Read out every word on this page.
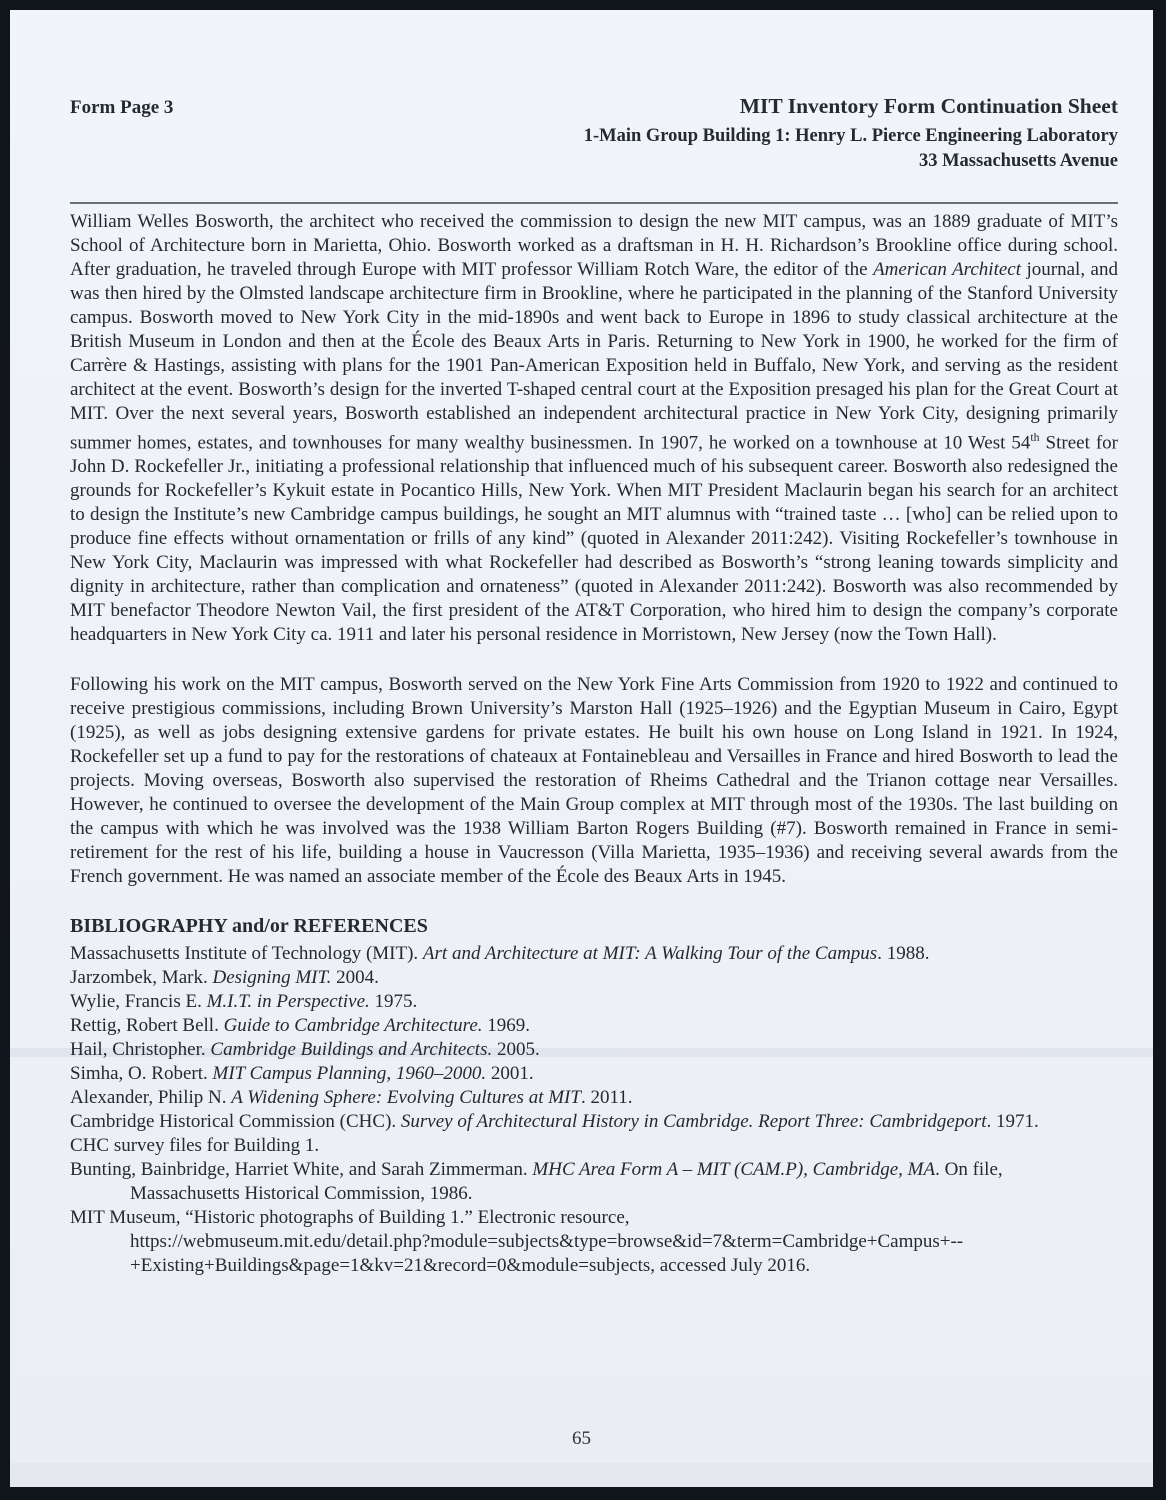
Form Page 3	MIT Inventory Form Continuation Sheet
1-Main Group Building 1: Henry L. Pierce Engineering Laboratory
33 Massachusetts Avenue

William Welles Bosworth, the architect who received the commission to design the new MIT campus, was an 1889 graduate of MIT’s School of Architecture born in Marietta, Ohio. Bosworth worked as a draftsman in H. H. Richardson’s Brookline office during school. After graduation, he traveled through Europe with MIT professor William Rotch Ware, the editor of the American Architect journal, and was then hired by the Olmsted landscape architecture firm in Brookline, where he participated in the planning of the Stanford University campus. Bosworth moved to New York City in the mid-1890s and went back to Europe in 1896 to study classical architecture at the British Museum in London and then at the École des Beaux Arts in Paris. Returning to New York in 1900, he worked for the firm of Carrère & Hastings, assisting with plans for the 1901 Pan-American Exposition held in Buffalo, New York, and serving as the resident architect at the event. Bosworth’s design for the inverted T-shaped central court at the Exposition presaged his plan for the Great Court at MIT. Over the next several years, Bosworth established an independent architectural practice in New York City, designing primarily summer homes, estates, and townhouses for many wealthy businessmen. In 1907, he worked on a townhouse at 10 West 54th Street for John D. Rockefeller Jr., initiating a professional relationship that influenced much of his subsequent career. Bosworth also redesigned the grounds for Rockefeller’s Kykuit estate in Pocantico Hills, New York. When MIT President Maclaurin began his search for an architect to design the Institute’s new Cambridge campus buildings, he sought an MIT alumnus with “trained taste … [who] can be relied upon to produce fine effects without ornamentation or frills of any kind” (quoted in Alexander 2011:242). Visiting Rockefeller’s townhouse in New York City, Maclaurin was impressed with what Rockefeller had described as Bosworth’s “strong leaning towards simplicity and dignity in architecture, rather than complication and ornateness” (quoted in Alexander 2011:242). Bosworth was also recommended by MIT benefactor Theodore Newton Vail, the first president of the AT&T Corporation, who hired him to design the company’s corporate headquarters in New York City ca. 1911 and later his personal residence in Morristown, New Jersey (now the Town Hall).

Following his work on the MIT campus, Bosworth served on the New York Fine Arts Commission from 1920 to 1922 and continued to receive prestigious commissions, including Brown University’s Marston Hall (1925–1926) and the Egyptian Museum in Cairo, Egypt (1925), as well as jobs designing extensive gardens for private estates. He built his own house on Long Island in 1921. In 1924, Rockefeller set up a fund to pay for the restorations of chateaux at Fontainebleau and Versailles in France and hired Bosworth to lead the projects. Moving overseas, Bosworth also supervised the restoration of Rheims Cathedral and the Trianon cottage near Versailles. However, he continued to oversee the development of the Main Group complex at MIT through most of the 1930s. The last building on the campus with which he was involved was the 1938 William Barton Rogers Building (#7). Bosworth remained in France in semi-retirement for the rest of his life, building a house in Vaucresson (Villa Marietta, 1935–1936) and receiving several awards from the French government. He was named an associate member of the École des Beaux Arts in 1945.

BIBLIOGRAPHY and/or REFERENCES
Massachusetts Institute of Technology (MIT). Art and Architecture at MIT: A Walking Tour of the Campus. 1988.
Jarzombek, Mark. Designing MIT. 2004.
Wylie, Francis E. M.I.T. in Perspective. 1975.
Rettig, Robert Bell. Guide to Cambridge Architecture. 1969.
Hail, Christopher. Cambridge Buildings and Architects. 2005.
Simha, O. Robert. MIT Campus Planning, 1960–2000. 2001.
Alexander, Philip N. A Widening Sphere: Evolving Cultures at MIT. 2011.
Cambridge Historical Commission (CHC). Survey of Architectural History in Cambridge. Report Three: Cambridgeport. 1971.
CHC survey files for Building 1.
Bunting, Bainbridge, Harriet White, and Sarah Zimmerman. MHC Area Form A – MIT (CAM.P), Cambridge, MA. On file,
Massachusetts Historical Commission, 1986.
MIT Museum, “Historic photographs of Building 1.” Electronic resource,
https://webmuseum.mit.edu/detail.php?module=subjects&type=browse&id=7&term=Cambridge+Campus+--
+Existing+Buildings&page=1&kv=21&record=0&module=subjects, accessed July 2016.
65
